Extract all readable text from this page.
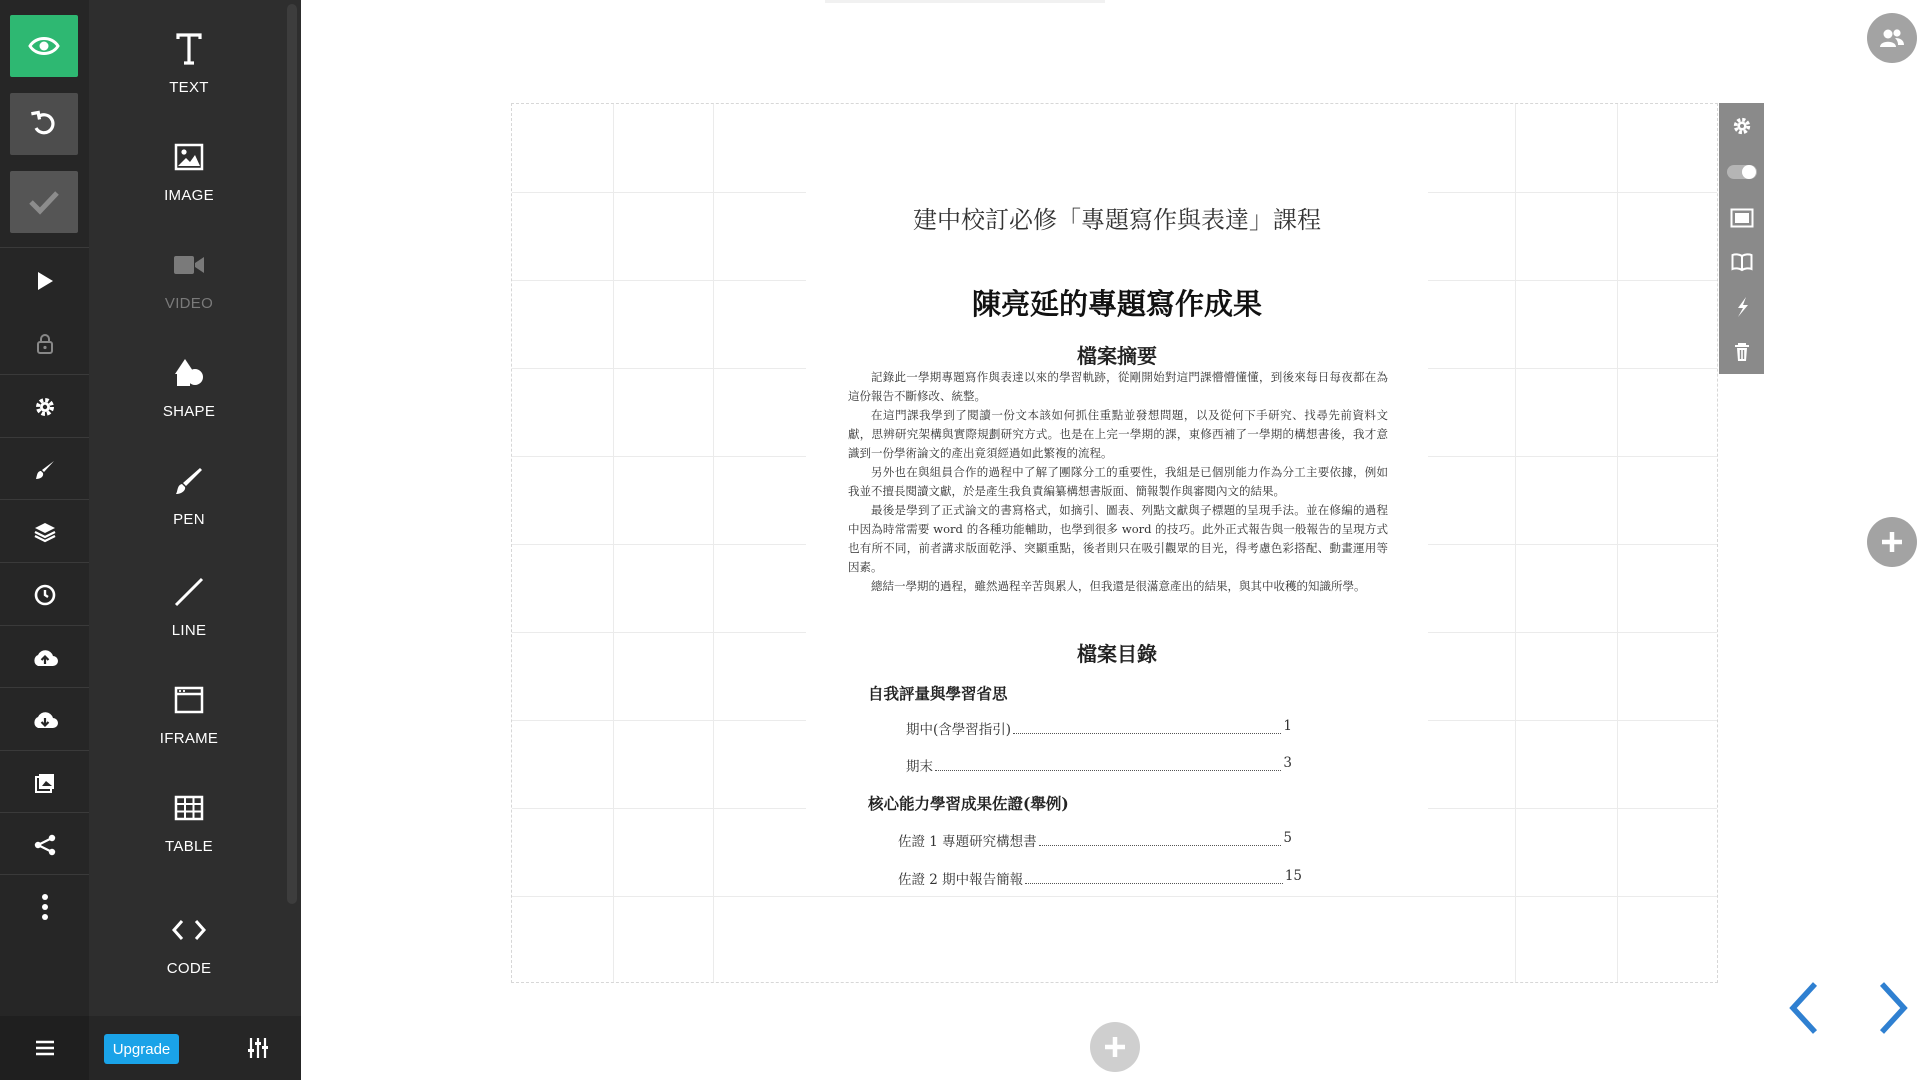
TEXT
IMAGE
VIDEO
SHAPE
PEN
LINE
IFRAME
TABLE
CODE
Upgrade
建中校訂必修「專題寫作與表達」課程
陳亮延的專題寫作成果
檔案摘要

記錄此一學期專題寫作與表達以來的學習軌跡，從剛開始對這門課懵懵懂懂，到後來每日每夜都在為這份報告不斷修改、統整。

在這門課我學到了閱讀一份文本該如何抓住重點並發想問題，以及從何下手研究、找尋先前資料文獻，思辨研究架構與實際規劃研究方式。也是在上完一學期的課，東修西補了一學期的構想書後，我才意識到一份學術論文的產出竟須經過如此繁複的流程。

另外也在與組員合作的過程中了解了團隊分工的重要性，我組是已個別能力作為分工主要依據，例如我並不擅長閱讀文獻，於是產生我負責編纂構想書版面、簡報製作與審閱內文的結果。

最後是學到了正式論文的書寫格式，如摘引、圖表、列點文獻與子標題的呈現手法。並在修編的過程中因為時常需要 word 的各種功能輔助，也學到很多 word 的技巧。此外正式報告與一般報告的呈現方式也有所不同，前者講求版面乾淨、突顯重點，後者則只在吸引觀眾的目光，得考慮色彩搭配、動畫運用等因素。

總結一學期的過程，雖然過程辛苦與累人，但我還是很滿意產出的結果，與其中收穫的知識所學。

檔案目錄
自我評量與學習省思
期中(含學習指引)	1
期末	3
核心能力學習成果佐證(舉例)
佐證 1 專題研究構想書	5
佐證 2 期中報告簡報	15
